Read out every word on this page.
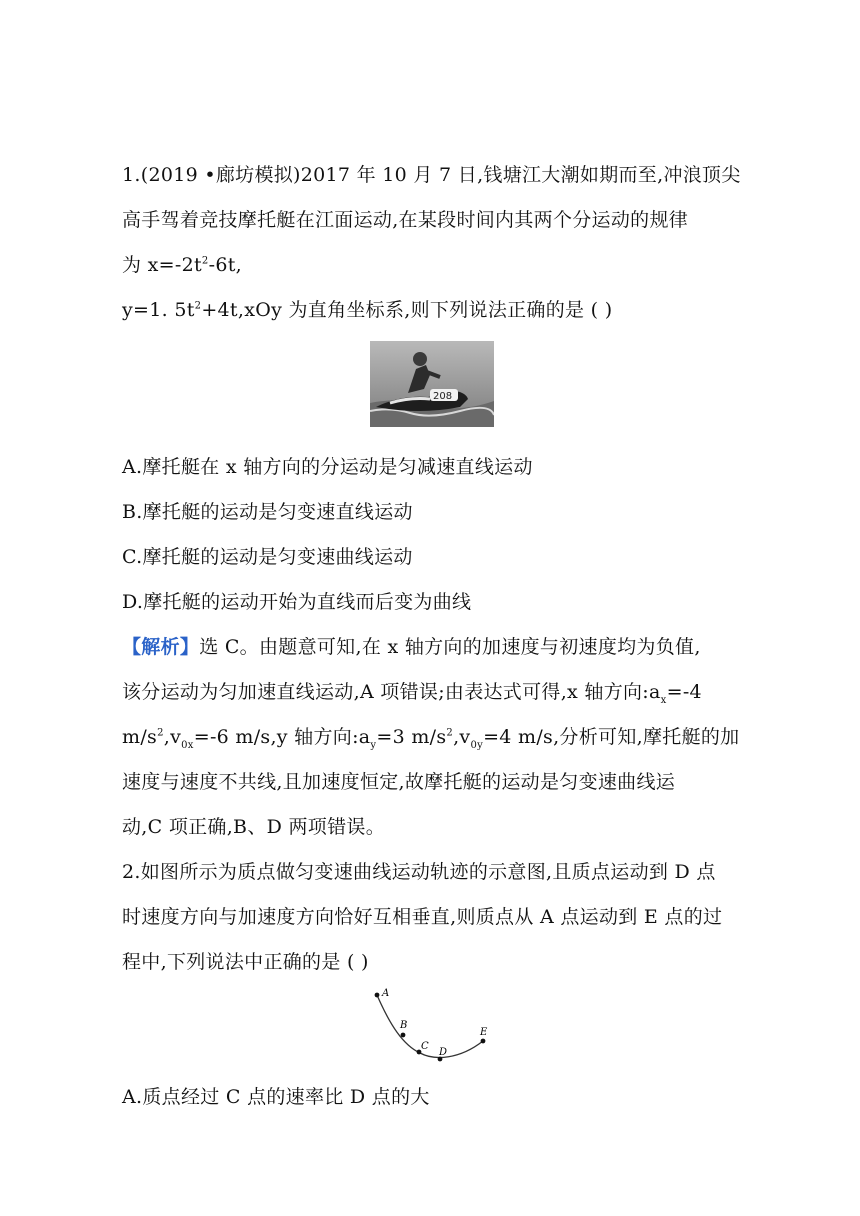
1.(2019 •廊坊模拟)2017 年 10 月 7 日,钱塘江大潮如期而至,冲浪顶尖
高手驾着竞技摩托艇在江面运动,在某段时间内其两个分运动的规律
为 $x=-2t^2-6t$,
y=1. $5t^2+4t,xOy$ 为直角坐标系,则下列说法正确的是 ( )
208
A.摩托艇在 x 轴方向的分运动是匀减速直线运动
B.摩托艇的运动是匀变速直线运动
C.摩托艇的运动是匀变速曲线运动
D.摩托艇的运动开始为直线而后变为曲线
【解析】选 C。由题意可知,在 x 轴方向的加速度与初速度均为负值,
该分运动为匀加速直线运动,A 项错误;由表达式可得,x 轴方向$:a_x=-4$
$m/s^2,v_{0x}=-6$ m/s,y 轴方向$:a_y=3$ $m/s^2,v_{0y}=4$ m/s,分析可知,摩托艇的加
速度与速度不共线,且加速度恒定,故摩托艇的运动是匀变速曲线运
动,C 项正确,B、D 两项错误。
2.如图所示为质点做匀变速曲线运动轨迹的示意图,且质点运动到 D 点
时速度方向与加速度方向恰好互相垂直,则质点从 A 点运动到 E 点的过
程中,下列说法中正确的是 ( )
A
B
C
D
E
A.质点经过 C 点的速率比 D 点的大
